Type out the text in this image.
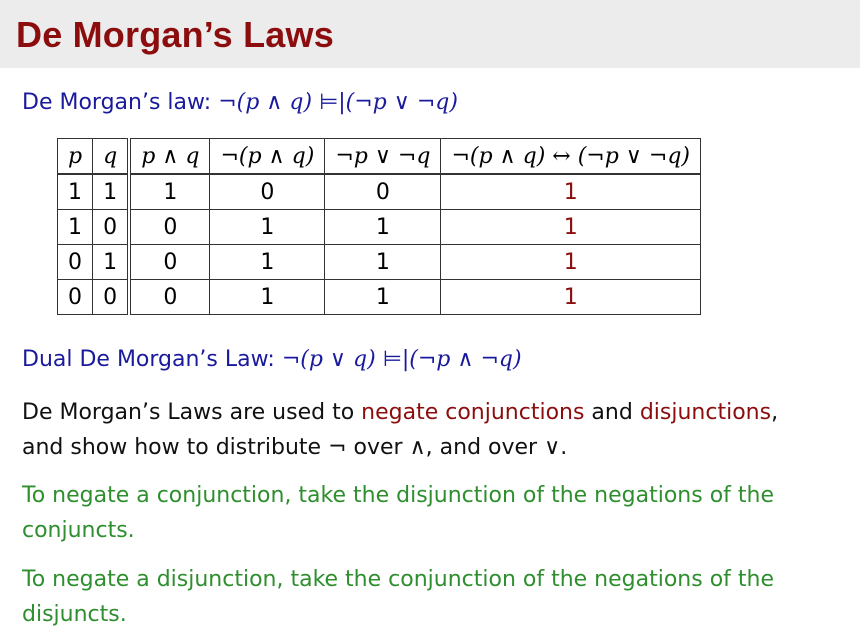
De Morgan’s Laws
De Morgan’s law: ¬(p ∧ q) ⊨|(¬p ∨ ¬q)
p	q	p ∧ q	¬(p ∧ q)	¬p ∨ ¬q	¬(p ∧ q) ↔ (¬p ∨ ¬q)
1	1	1	0	0	1
1	0	0	1	1	1
0	1	0	1	1	1
0	0	0	1	1	1
Dual De Morgan’s Law: ¬(p ∨ q) ⊨|(¬p ∧ ¬q)
De Morgan’s Laws are used to negate conjunctions and disjunctions,
and show how to distribute ¬ over ∧, and over ∨.
To negate a conjunction, take the disjunction of the negations of the conjuncts.
To negate a disjunction, take the conjunction of the negations of the disjuncts.
